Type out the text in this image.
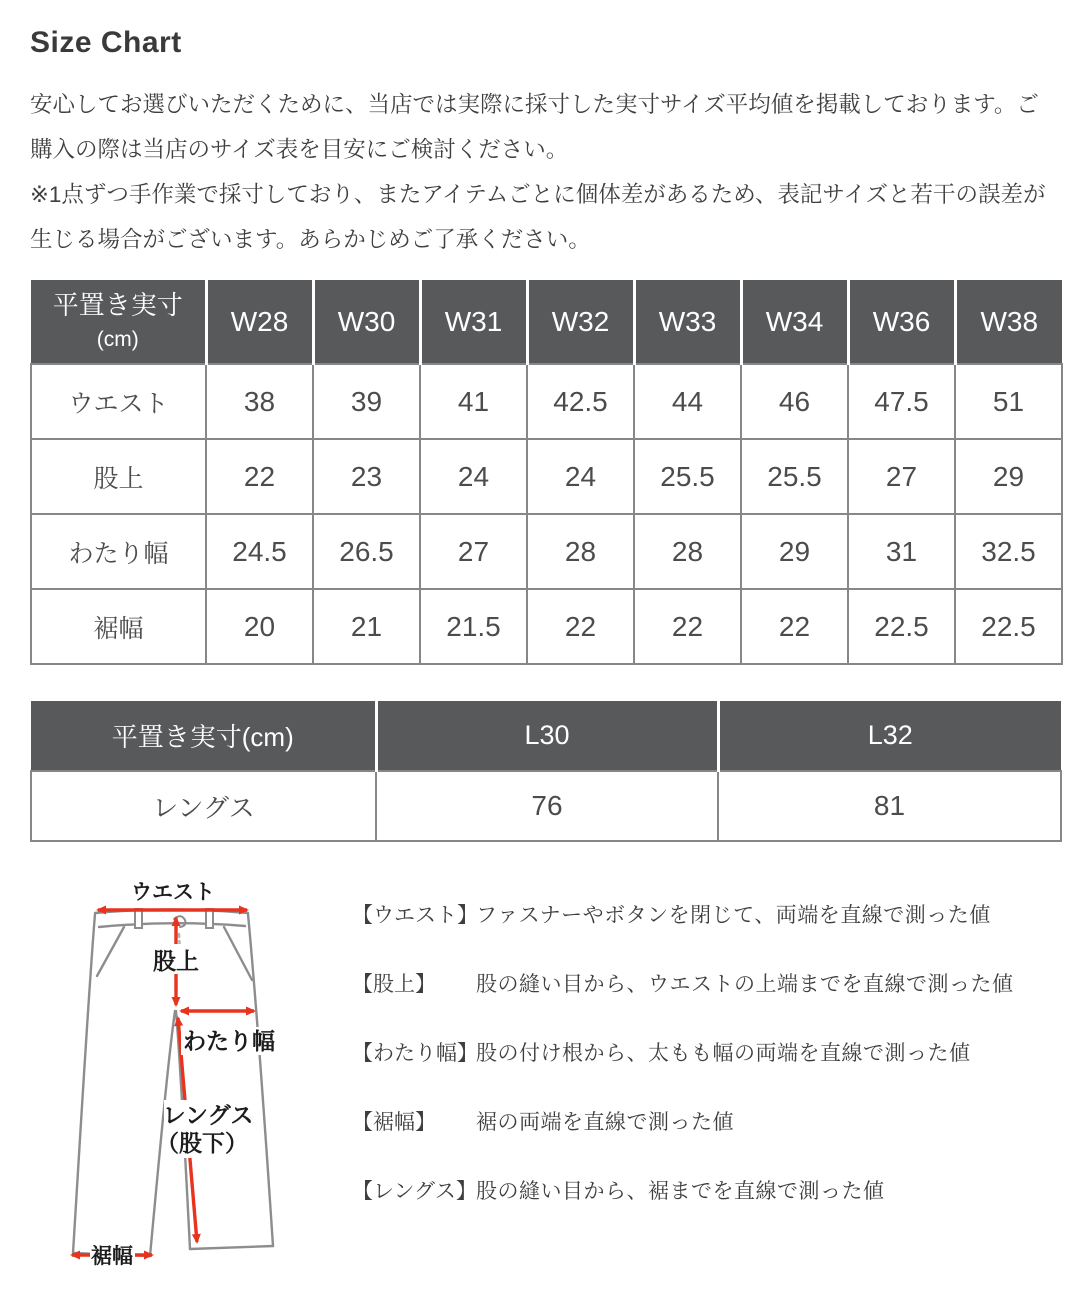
Size Chart

安心してお選びいただくために、当店では実際に採寸した実寸サイズ平均値を掲載しております。ご購入の際は当店のサイズ表を目安にご検討ください。
※1点ずつ手作業で採寸しており、またアイテムごとに個体差があるため、表記サイズと若干の誤差が生じる場合がございます。あらかじめご了承ください。

平置き実寸
(cm)	W28	W30	W31	W32	W33	W34	W36	W38
ウエスト	38	39	41	42.5	44	46	47.5	51
股上	22	23	24	24	25.5	25.5	27	29
わたり幅	24.5	26.5	27	28	28	29	31	32.5
裾幅	20	21	21.5	22	22	22	22.5	22.5
平置き実寸(cm)	L30	L32
レングス	76	81
ウエスト
股上
わたり幅
レングス
（股下）
裾幅
【ウエスト】
ファスナーやボタンを閉じて、両端を直線で測った値
【股上】	股の縫い目から、ウエストの上端までを直線で測った値
【わたり幅】
股の付け根から、太もも幅の両端を直線で測った値
【裾幅】	裾の両端を直線で測った値
【レングス】 股の縫い目から、裾までを直線で測った値
